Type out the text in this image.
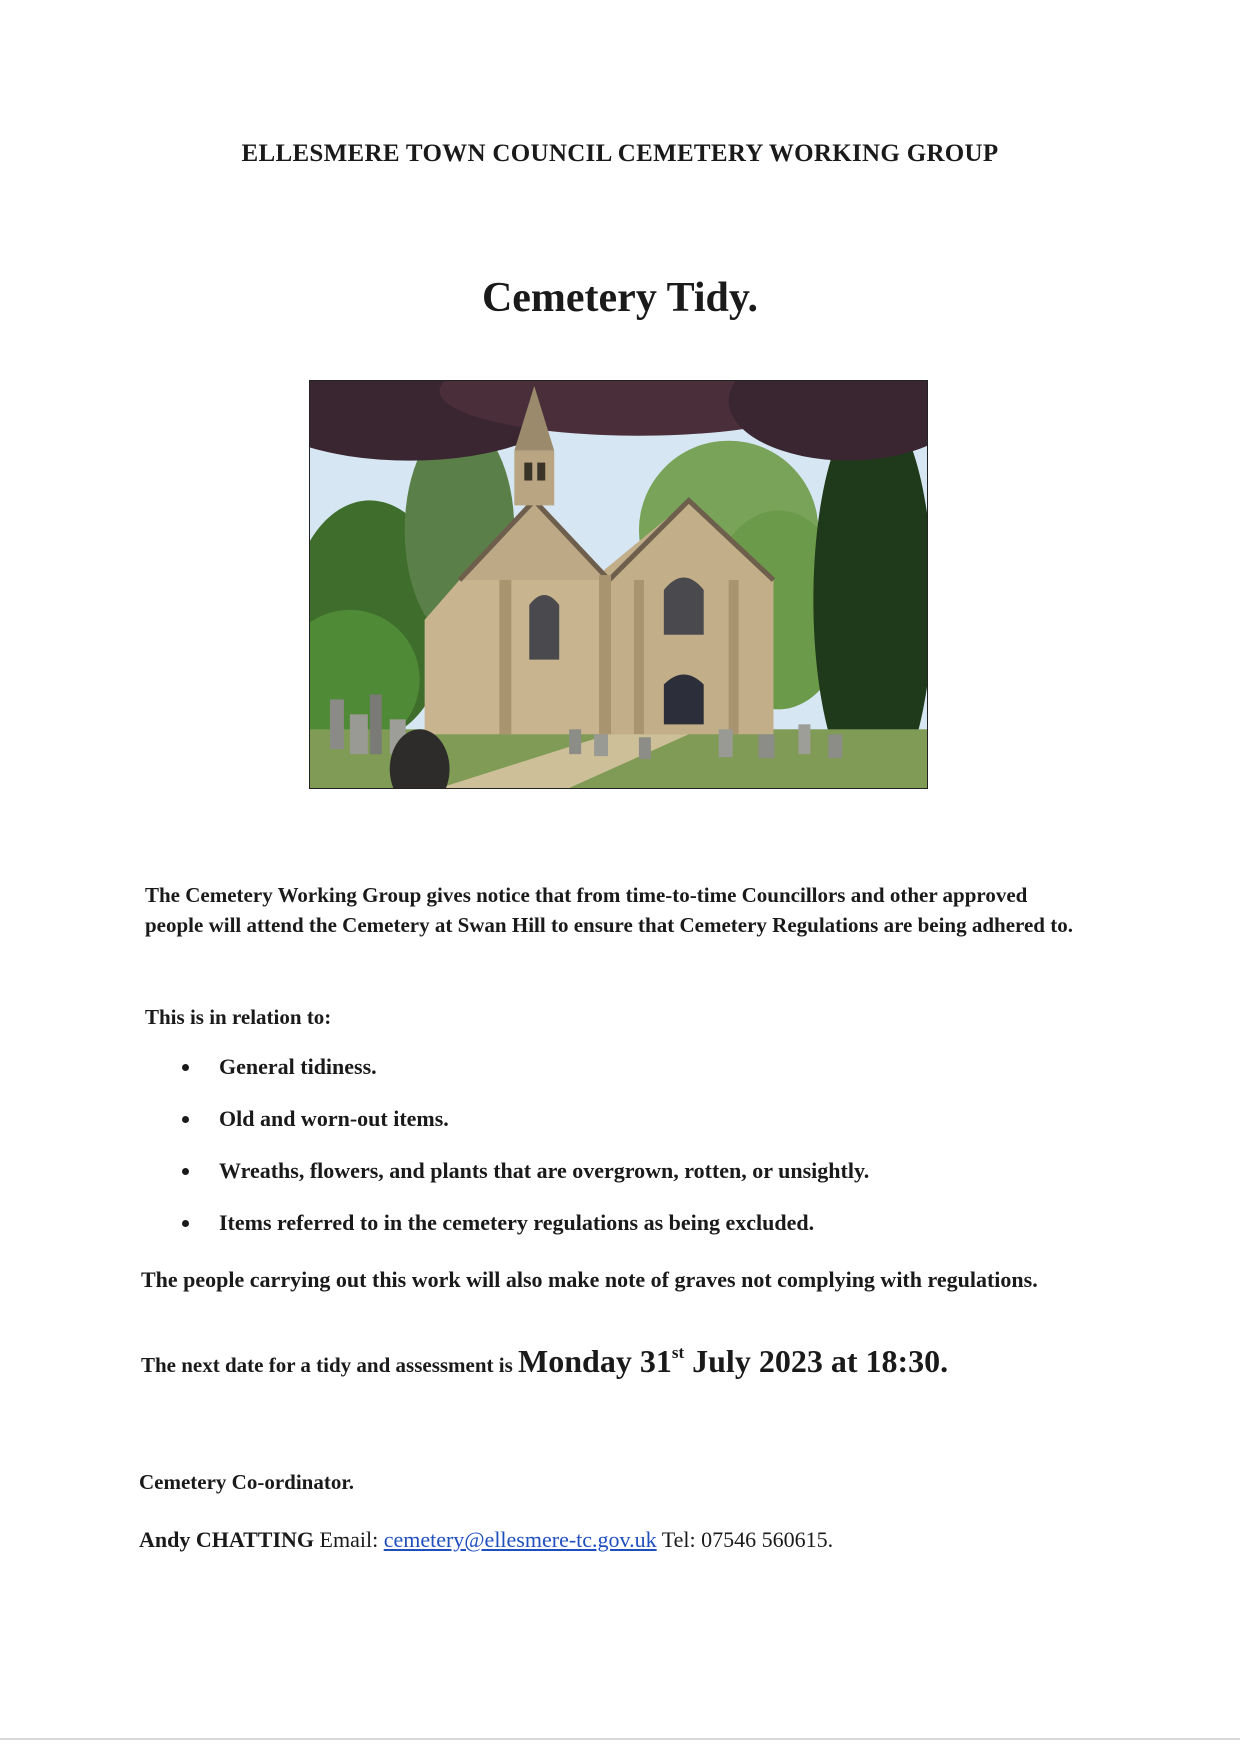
ELLESMERE TOWN COUNCIL CEMETERY WORKING GROUP
Cemetery Tidy.
The Cemetery Working Group gives notice that from time-to-time Councillors and other approved people will attend the Cemetery at Swan Hill to ensure that Cemetery Regulations are being adhered to.
This is in relation to:
General tidiness.
Old and worn-out items.
Wreaths, flowers, and plants that are overgrown, rotten, or unsightly.
Items referred to in the cemetery regulations as being excluded.
The people carrying out this work will also make note of graves not complying with regulations.
The next date for a tidy and assessment is Monday 31st July 2023 at 18:30.
Cemetery Co-ordinator.
Andy CHATTING Email: cemetery@ellesmere-tc.gov.uk Tel: 07546 560615.
